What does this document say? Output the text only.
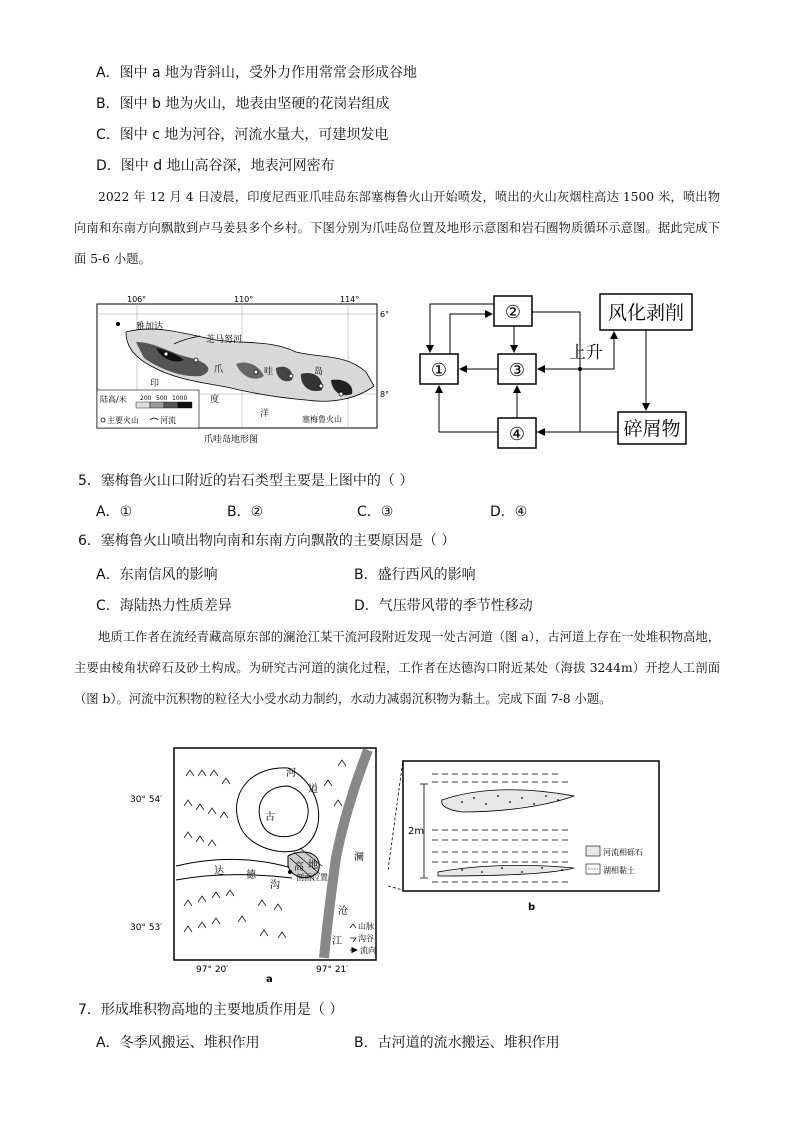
A．图中 a 地为背斜山，受外力作用常常会形成谷地
B．图中 b 地为火山，地表由坚硬的花岗岩组成
C．图中 c 地为河谷，河流水量大，可建坝发电
D．图中 d 地山高谷深，地表河网密布
2022 年 12 月 4 日凌晨，印度尼西亚爪哇岛东部塞梅鲁火山开始喷发，喷出的火山灰烟柱高达 1500 米，喷出物向南和东南方向飘散到卢马姜县多个乡村。下图分别为爪哇岛位置及地形示意图和岩石圈物质循环示意图。据此完成下面 5-6 小题。
106°	110°	114°
6°
8°
雅加达
芝马努河
爪	哇	岛
印
度
洋
塞梅鲁火山
陆高/米 200 500 1000
主要火山	河流
爪哇岛地形图
①
②
③
④
风化剥削
碎屑物
上升
5．塞梅鲁火山口附近的岩石类型主要是上图中的（ ）
A．①	B．②	C．③	D．④
6．塞梅鲁火山喷出物向南和东南方向飘散的主要原因是（ ）
A．东南信风的影响	B．盛行西风的影响
C．海陆热力性质差异	D．气压带风带的季节性移动
地质工作者在流经青藏高原东部的澜沧江某干流河段附近发现一处古河道（图 a），古河道上存在一处堆积物高地，主要由棱角状碎石及砂土构成。为研究古河道的演化过程，工作者在达德沟口附近某处（海拔 3244m）开挖人工剖面（图 b）。河流中沉积物的粒径大小受水动力制约，水动力减弱沉积物为黏土。完成下面 7-8 小题。
古
河
道
高 地
达 德
沟
澜
沧
江
剖面位置
山脉
沟谷
流向
30° 54′
30° 53′
97° 20′	97° 21′
a
2m
河流相砾石
湖相黏土
b
7．形成堆积物高地的主要地质作用是（ ）
A．冬季风搬运、堆积作用	B．古河道的流水搬运、堆积作用
